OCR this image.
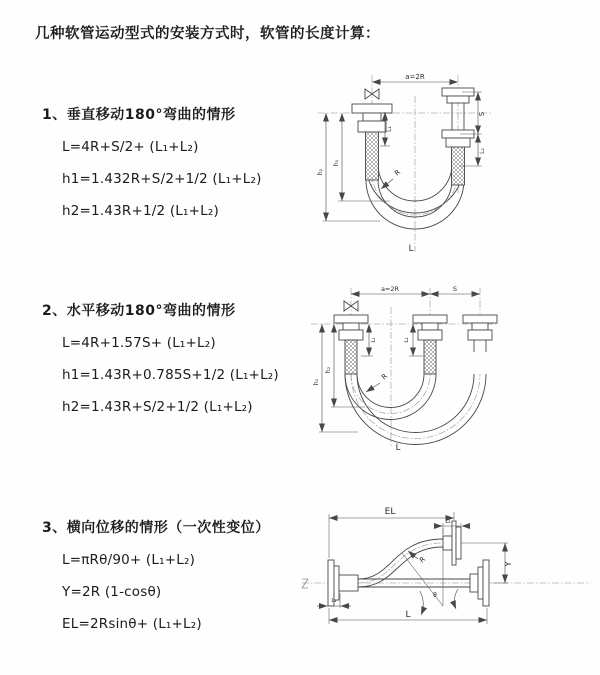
几种软管运动型式的安装方式时，软管的长度计算：
1、垂直移动180°弯曲的情形
L=4R+S/2+ (L₁+L₂)
h1=1.432R+S/2+1/2 (L₁+L₂)
h2=1.43R+1/2 (L₁+L₂)
2、水平移动180°弯曲的情形
L=4R+1.57S+ (L₁+L₂)
h1=1.43R+0.785S+1/2 (L₁+L₂)
h2=1.43R+S/2+1/2 (L₁+L₂)
3、横向位移的情形（一次性变位）
L=πRθ/90+ (L₁+L₂)
Y=2R (1-cosθ)
EL=2Rsinθ+ (L₁+L₂)
a=2R
L₁
S
L₂
h₁
h₂	R
L
a=2R	S
L₁	L₂
h₂
h₁
R
L
EL
L₂
Y
R
θ
L₁
L
